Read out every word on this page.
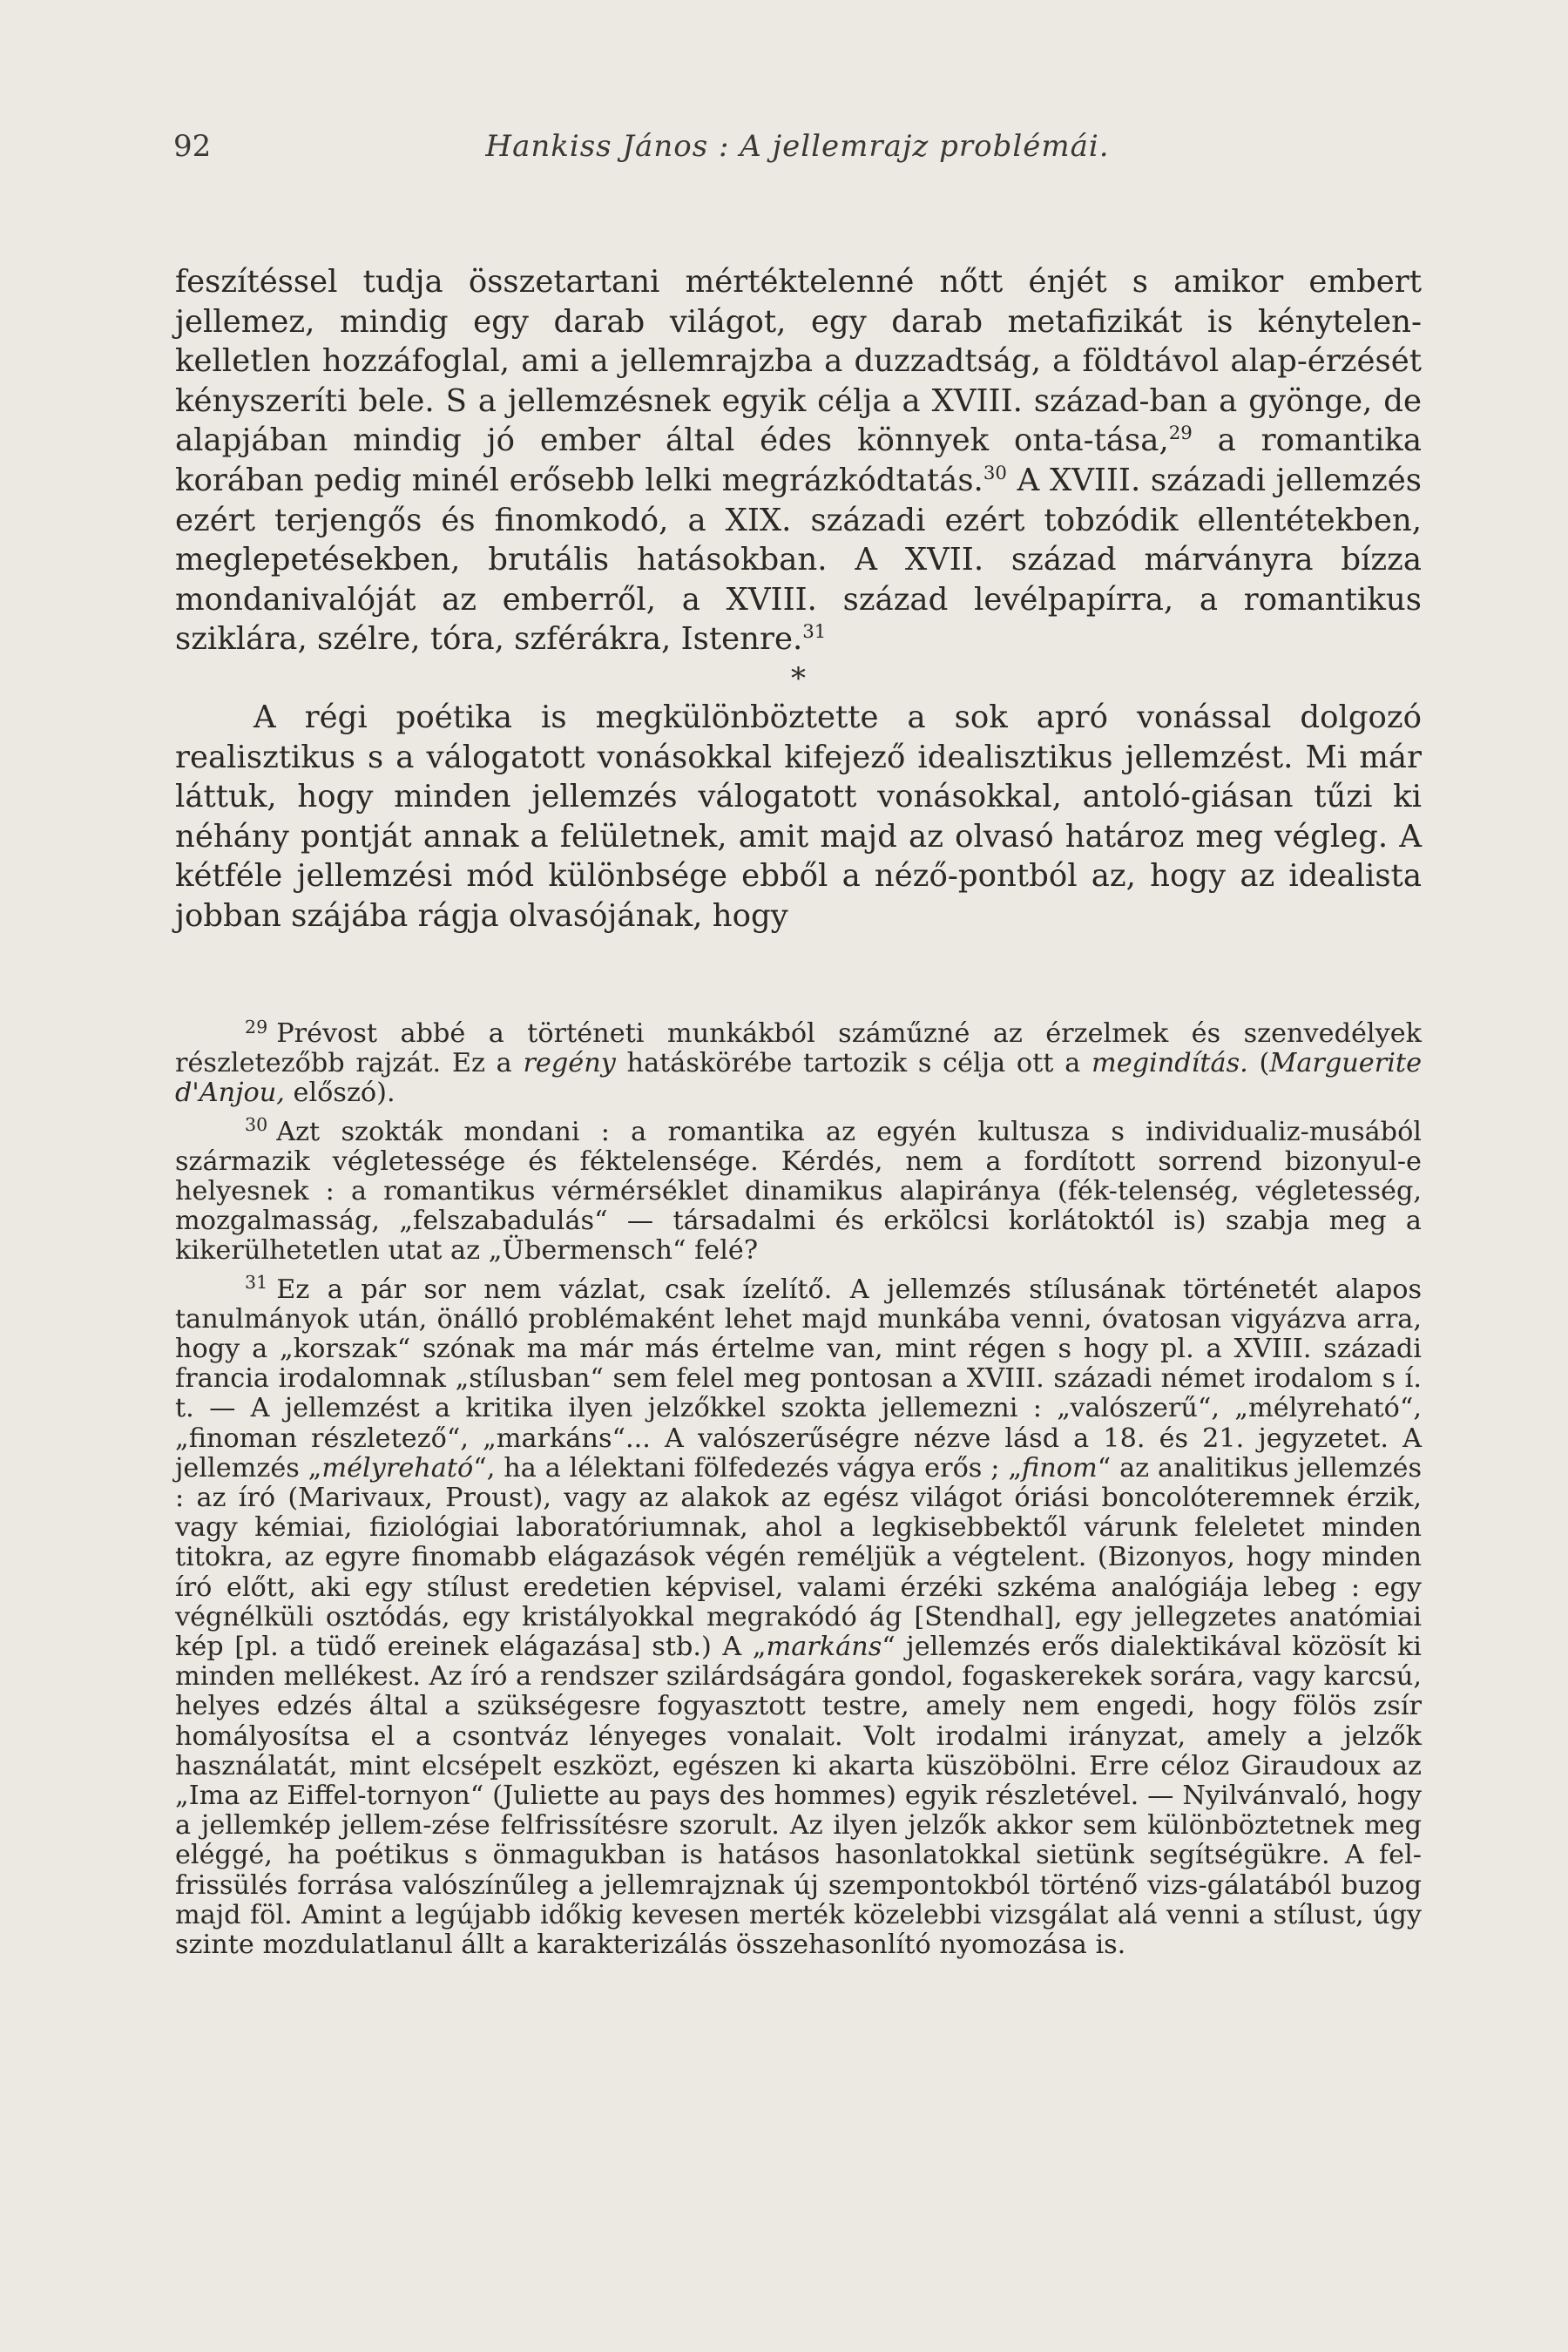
92	Hankiss János : A jellemrajz problémái.

feszítéssel tudja összetartani mértéktelenné nőtt énjét s amikor embert jellemez, mindig egy darab világot, egy darab metafizikát is kénytelen-kelletlen hozzáfoglal, ami a jellemrajzba a duzzadtság, a földtávol alap-érzését kényszeríti bele. S a jellemzésnek egyik célja a XVIII. század-ban a gyönge, de alapjában mindig jó ember által édes könnyek onta-tása,$^{29}$ a romantika korában pedig minél erősebb lelki megrázkódtatás.$^{30}$ A XVIII. századi jellemzés ezért terjengős és finomkodó, a XIX. századi ezért tobzódik ellentétekben, meglepetésekben, brutális hatásokban. A XVII. század márványra bízza mondanivalóját az emberről, a XVIII. század levélpapírra, a romantikus sziklára, szélre, tóra, szférákra, Istenre.$^{31}$

*

A régi poétika is megkülönböztette a sok apró vonással dolgozó realisztikus s a válogatott vonásokkal kifejező idealisztikus jellemzést. Mi már láttuk, hogy minden jellemzés válogatott vonásokkal, antoló-giásan tűzi ki néhány pontját annak a felületnek, amit majd az olvasó határoz meg végleg. A kétféle jellemzési mód különbsége ebből a néző-pontból az, hogy az idealista jobban szájába rágja olvasójának, hogy

$^{29}$ Prévost abbé a történeti munkákból száműzné az érzelmek és szenvedélyek részletezőbb rajzát. Ez a regény hatáskörébe tartozik s célja ott a megindítás. (Marguerite d'Anjou, előszó).

$^{30}$ Azt szokták mondani : a romantika az egyén kultusza s individualiz-musából származik végletessége és féktelensége. Kérdés, nem a fordított sorrend bizonyul-e helyesnek : a romantikus vérmérséklet dinamikus alapiránya (fék-telenség, végletesség, mozgalmasság, „felszabadulás“ — társadalmi és erkölcsi korlátoktól is) szabja meg a kikerülhetetlen utat az „Übermensch“ felé?

$^{31}$ Ez a pár sor nem vázlat, csak ízelítő. A jellemzés stílusának történetét alapos tanulmányok után, önálló problémaként lehet majd munkába venni, óvatosan vigyázva arra, hogy a „korszak“ szónak ma már más értelme van, mint régen s hogy pl. a XVIII. századi francia irodalomnak „stílusban“ sem felel meg pontosan a XVIII. századi német irodalom s í. t. — A jellemzést a kritika ilyen jelzőkkel szokta jellemezni : „valószerű“, „mélyreható“, „finoman részletező“, „markáns“... A valószerűségre nézve lásd a 18. és 21. jegyzetet. A jellemzés „mélyreható“, ha a lélektani fölfedezés vágya erős ; „finom“ az analitikus jellemzés : az író (Marivaux, Proust), vagy az alakok az egész világot óriási boncolóteremnek érzik, vagy kémiai, fiziológiai laboratóriumnak, ahol a legkisebbektől várunk feleletet minden titokra, az egyre finomabb elágazások végén reméljük a végtelent. (Bizonyos, hogy minden író előtt, aki egy stílust eredetien képvisel, valami érzéki szkéma analógiája lebeg : egy végnélküli osztódás, egy kristályokkal megrakódó ág [Stendhal], egy jellegzetes anatómiai kép [pl. a tüdő ereinek elágazása] stb.) A „markáns“ jellemzés erős dialektikával közösít ki minden mellékest. Az író a rendszer szilárdságára gondol, fogaskerekek sorára, vagy karcsú, helyes edzés által a szükségesre fogyasztott testre, amely nem engedi, hogy fölös zsír homályosítsa el a csontváz lényeges vonalait. Volt irodalmi irányzat, amely a jelzők használatát, mint elcsépelt eszközt, egészen ki akarta küszöbölni. Erre céloz Giraudoux az „Ima az Eiffel-tornyon“ (Juliette au pays des hommes) egyik részletével. — Nyilvánvaló, hogy a jellemkép jellem-zése felfrissítésre szorult. Az ilyen jelzők akkor sem különböztetnek meg eléggé, ha poétikus s önmagukban is hatásos hasonlatokkal sietünk segítségükre. A fel-frissülés forrása valószínűleg a jellemrajznak új szempontokból történő vizs-gálatából buzog majd föl. Amint a legújabb időkig kevesen merték közelebbi vizsgálat alá venni a stílust, úgy szinte mozdulatlanul állt a karakterizálás összehasonlító nyomozása is.
